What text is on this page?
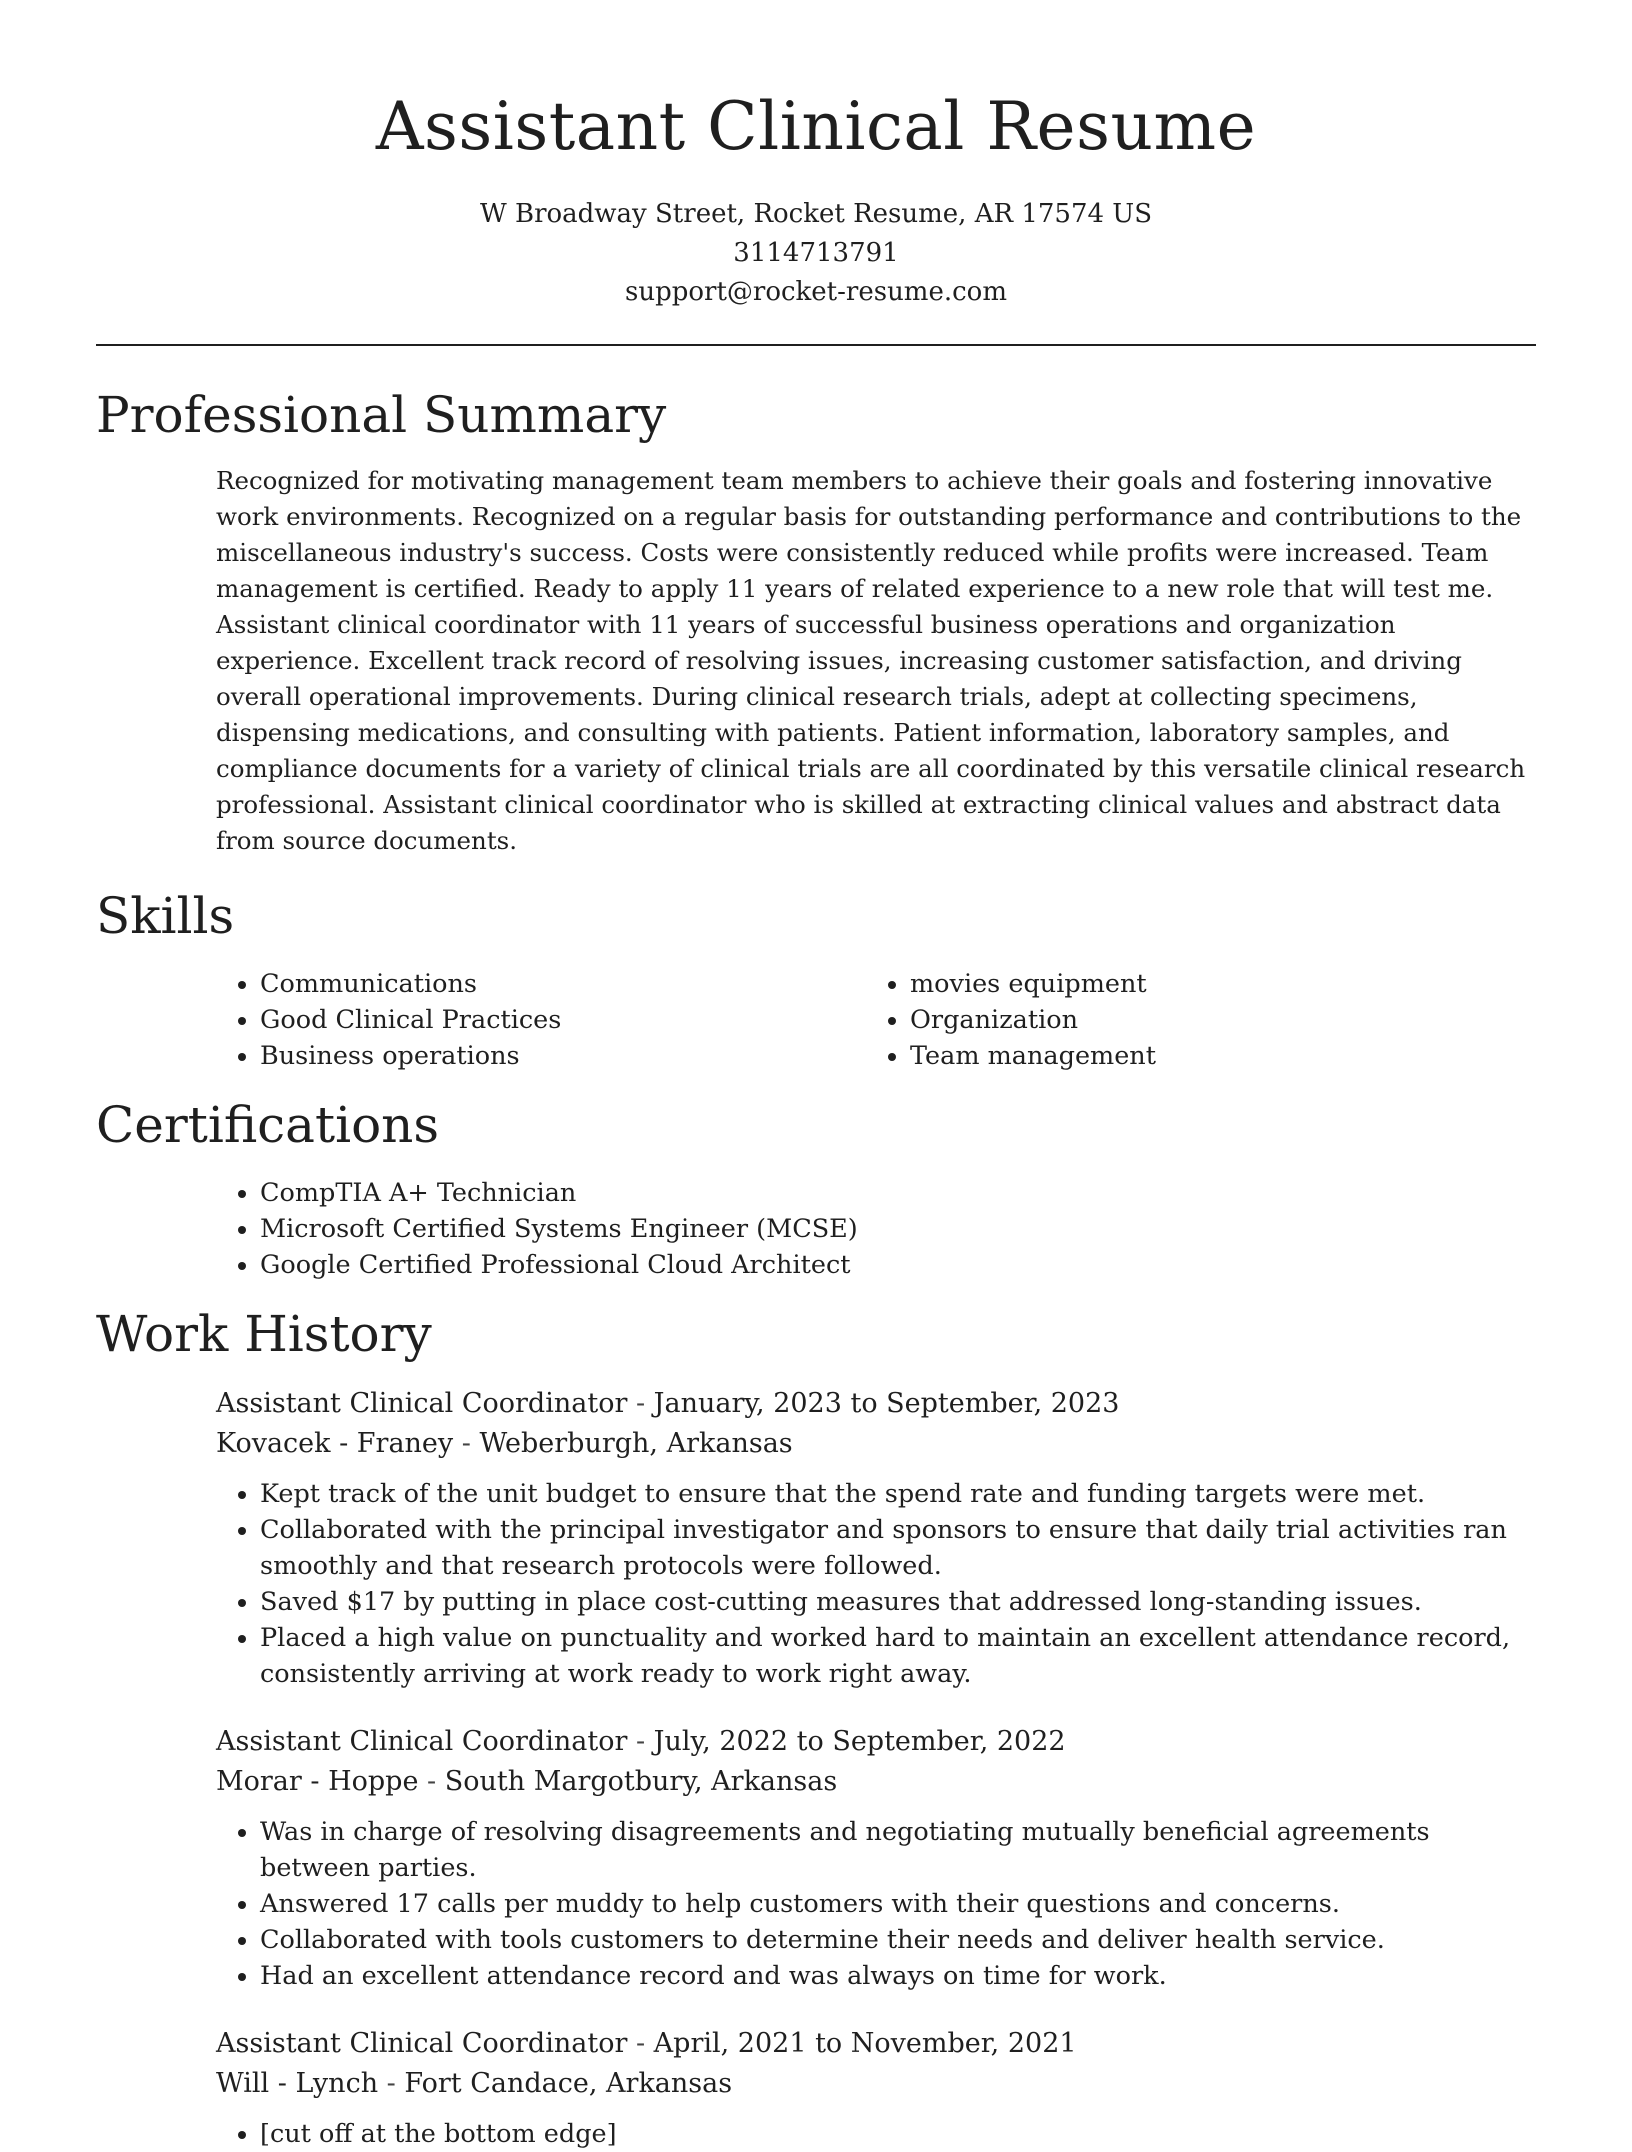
Assistant Clinical Resume
W Broadway Street, Rocket Resume, AR 17574 US
3114713791
support@rocket-resume.com
Professional Summary

Recognized for motivating management team members to achieve their goals and fostering innovative work environments. Recognized on a regular basis for outstanding performance and contributions to the miscellaneous industry's success. Costs were consistently reduced while profits were increased. Team management is certified. Ready to apply 11 years of related experience to a new role that will test me. Assistant clinical coordinator with 11 years of successful business operations and organization experience. Excellent track record of resolving issues, increasing customer satisfaction, and driving overall operational improvements. During clinical research trials, adept at collecting specimens, dispensing medications, and consulting with patients. Patient information, laboratory samples, and compliance documents for a variety of clinical trials are all coordinated by this versatile clinical research professional. Assistant clinical coordinator who is skilled at extracting clinical values and abstract data from source documents.

Skills
• Communications
• Good Clinical Practices
• Business operations
• movies equipment
• Organization
• Team management
Certifications
• CompTIA A+ Technician
• Microsoft Certified Systems Engineer (MCSE)
• Google Certified Professional Cloud Architect
Work History
Assistant Clinical Coordinator - January, 2023 to September, 2023
Kovacek - Franey - Weberburgh, Arkansas
• Kept track of the unit budget to ensure that the spend rate and funding targets were met.
• Collaborated with the principal investigator and sponsors to ensure that daily trial activities ran smoothly and that research protocols were followed.
• Saved $17 by putting in place cost-cutting measures that addressed long-standing issues.
• Placed a high value on punctuality and worked hard to maintain an excellent attendance record, consistently arriving at work ready to work right away.
Assistant Clinical Coordinator - July, 2022 to September, 2022
Morar - Hoppe - South Margotbury, Arkansas
• Was in charge of resolving disagreements and negotiating mutually beneficial agreements between parties.
• Answered 17 calls per muddy to help customers with their questions and concerns.
• Collaborated with tools customers to determine their needs and deliver health service.
• Had an excellent attendance record and was always on time for work.
Assistant Clinical Coordinator - April, 2021 to November, 2021
Will - Lynch - Fort Candace, Arkansas
• [cut off at the bottom edge]
